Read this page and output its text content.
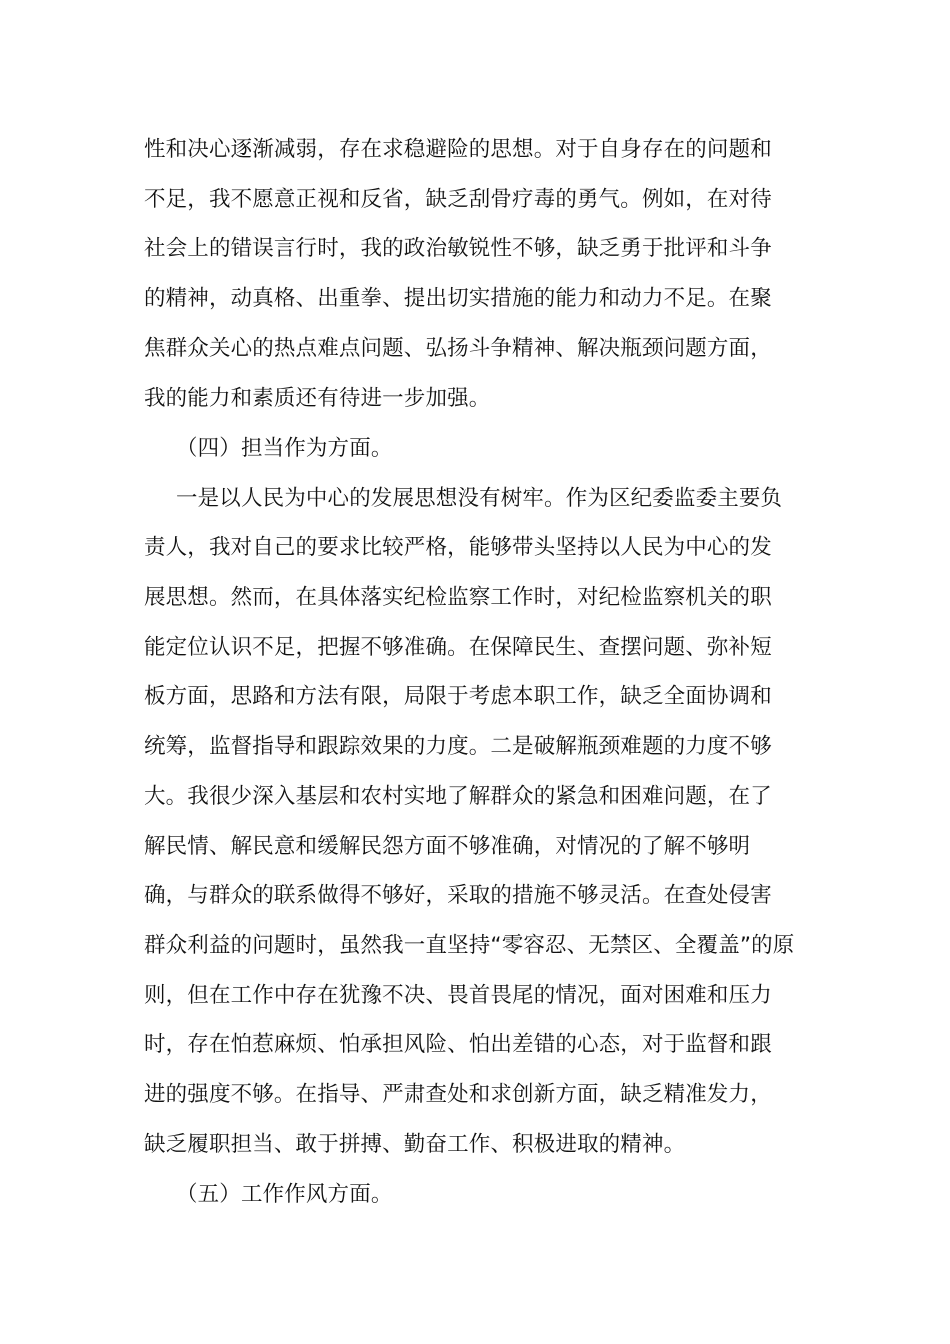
性和决心逐渐减弱，存在求稳避险的思想。对于自身存在的问题和
不足，我不愿意正视和反省，缺乏刮骨疗毒的勇气。例如，在对待
社会上的错误言行时，我的政治敏锐性不够，缺乏勇于批评和斗争
的精神，动真格、出重拳、提出切实措施的能力和动力不足。在聚
焦群众关心的热点难点问题、弘扬斗争精神、解决瓶颈问题方面，
我的能力和素质还有待进一步加强。
（四）担当作为方面。
一是以人民为中心的发展思想没有树牢。作为区纪委监委主要负
责人，我对自己的要求比较严格，能够带头坚持以人民为中心的发
展思想。然而，在具体落实纪检监察工作时，对纪检监察机关的职
能定位认识不足，把握不够准确。在保障民生、查摆问题、弥补短
板方面，思路和方法有限，局限于考虑本职工作，缺乏全面协调和
统筹，监督指导和跟踪效果的力度。二是破解瓶颈难题的力度不够
大。我很少深入基层和农村实地了解群众的紧急和困难问题，在了
解民情、解民意和缓解民怨方面不够准确，对情况的了解不够明
确，与群众的联系做得不够好，采取的措施不够灵活。在查处侵害
群众利益的问题时，虽然我一直坚持“零容忍、无禁区、全覆盖”的原
则，但在工作中存在犹豫不决、畏首畏尾的情况，面对困难和压力
时，存在怕惹麻烦、怕承担风险、怕出差错的心态，对于监督和跟
进的强度不够。在指导、严肃查处和求创新方面，缺乏精准发力，
缺乏履职担当、敢于拼搏、勤奋工作、积极进取的精神。
（五）工作作风方面。
